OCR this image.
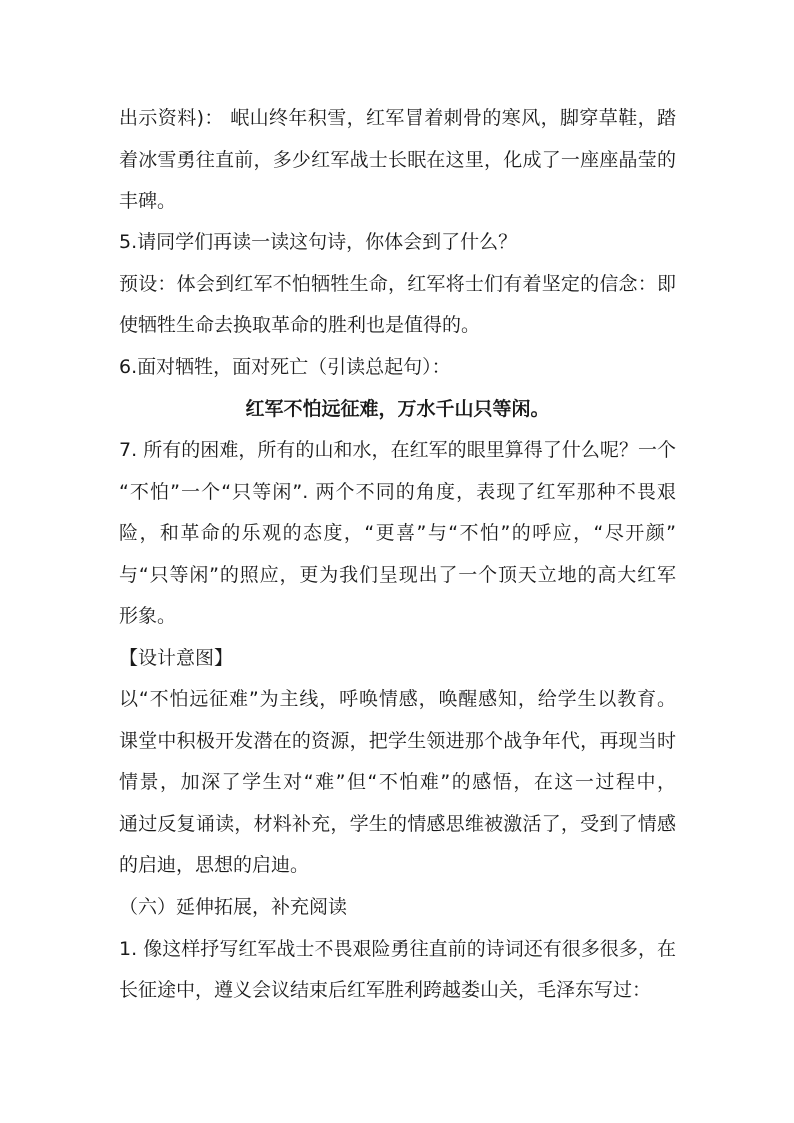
出示资料)： 岷山终年积雪，红军冒着刺骨的寒风，脚穿草鞋，踏
着冰雪勇往直前，多少红军战士长眠在这里，化成了一座座晶莹的
丰碑。
5.请同学们再读一读这句诗，你体会到了什么？
预设：体会到红军不怕牺牲生命，红军将士们有着坚定的信念：即
使牺牲生命去换取革命的胜利也是值得的。
6.面对牺牲，面对死亡（引读总起句）：
红军不怕远征难，万水千山只等闲。
7. 所有的困难，所有的山和水，在红军的眼里算得了什么呢？一个
“不怕”一个“只等闲”. 两个不同的角度，表现了红军那种不畏艰
险，和革命的乐观的态度，“更喜”与“不怕”的呼应，“尽开颜”
与“只等闲”的照应，更为我们呈现出了一个顶天立地的高大红军
形象。
【设计意图】
以“不怕远征难”为主线，呼唤情感，唤醒感知，给学生以教育。
课堂中积极开发潜在的资源，把学生领进那个战争年代，再现当时
情景，加深了学生对“难”但“不怕难”的感悟，在这一过程中，
通过反复诵读，材料补充，学生的情感思维被激活了，受到了情感
的启迪，思想的启迪。
（六）延伸拓展，补充阅读
1. 像这样抒写红军战士不畏艰险勇往直前的诗词还有很多很多，在
长征途中，遵义会议结束后红军胜利跨越娄山关，毛泽东写过：
